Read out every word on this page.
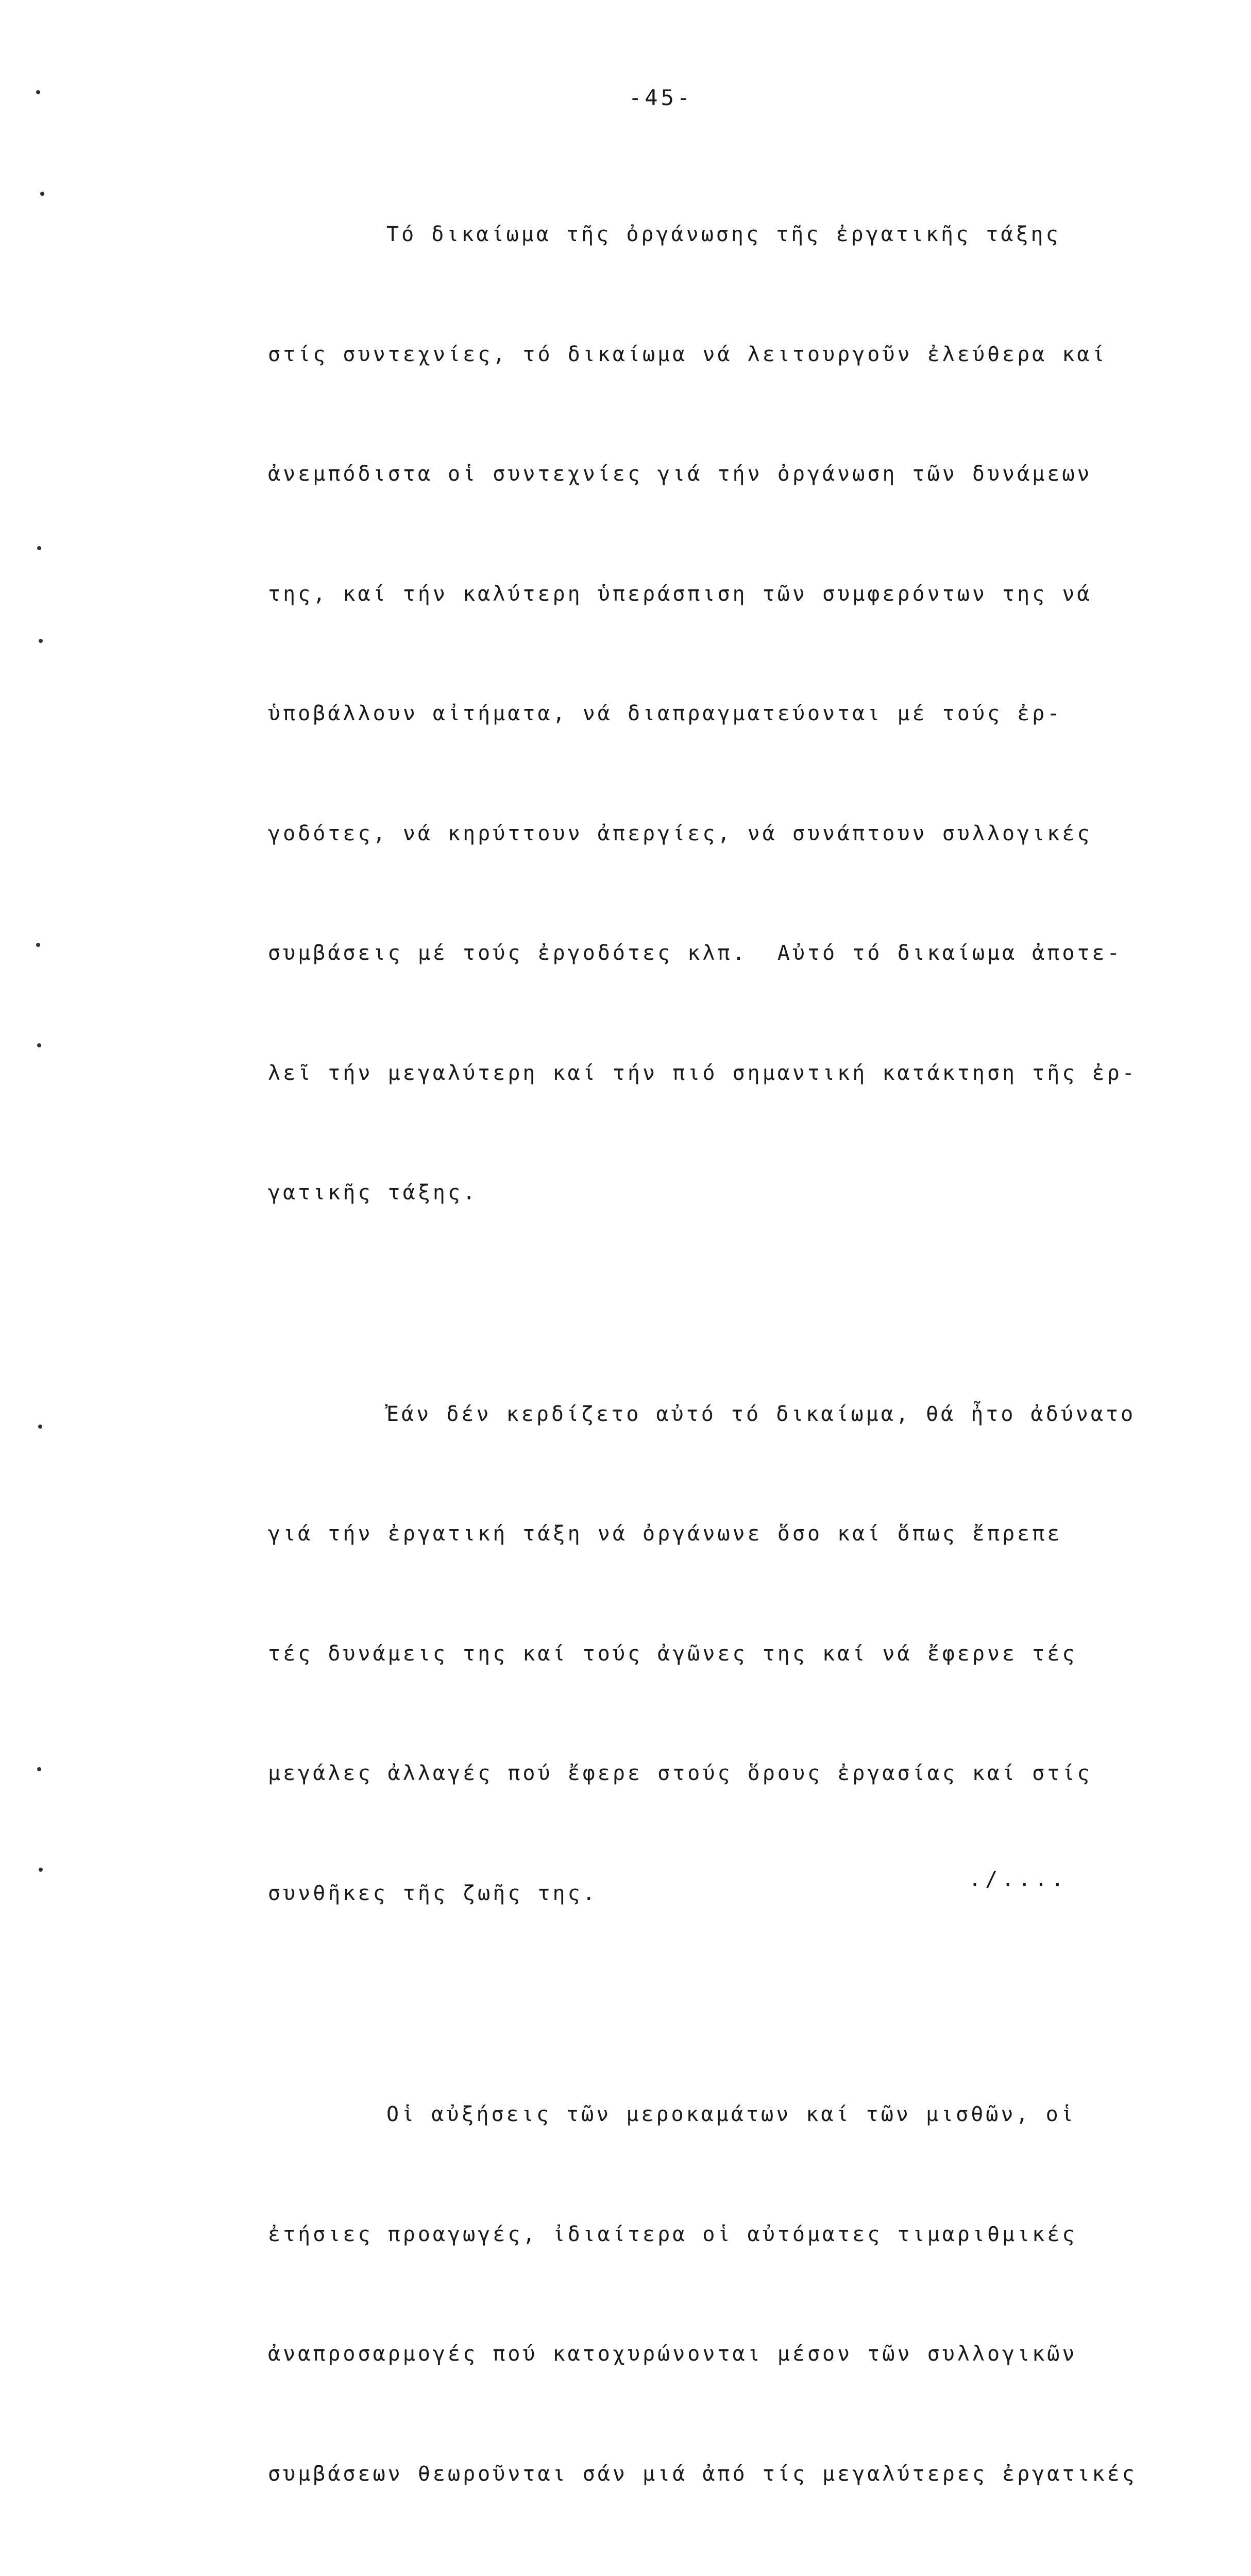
-45-

Τό δικαίωμα τῆς ὀργάνωσης τῆς ἐργατικῆς τάξης

στίς συντεχνίες, τό δικαίωμα νά λειτουργοῦν ἐλεύθερα καί

ἀνεμπόδιστα οἱ συντεχνίες γιά τήν ὀργάνωση τῶν δυνάμεων

της, καί τήν καλύτερη ὑπεράσπιση τῶν συμφερόντων της νά

ὑποβάλλουν αἰτήματα, νά διαπραγματεύονται μέ τούς ἐρ-

γοδότες, νά κηρύττουν ἀπεργίες, νά συνάπτουν συλλογικές

συμβάσεις μέ τούς ἐργοδότες κλπ.  Αὐτό τό δικαίωμα ἀποτε-

λεῖ τήν μεγαλύτερη καί τήν πιό σημαντική κατάκτηση τῆς ἐρ-

γατικῆς τάξης.

Ἐάν δέν κερδίζετο αὐτό τό δικαίωμα, θά ἦτο ἀδύνατο

γιά τήν ἐργατική τάξη νά ὀργάνωνε ὅσο καί ὅπως ἔπρεπε

τές δυνάμεις της καί τούς ἀγῶνες της καί νά ἔφερνε τές

μεγάλες ἀλλαγές πού ἔφερε στούς ὅρους ἐργασίας καί στίς

συνθῆκες τῆς ζωῆς της.

Οἱ αὐξήσεις τῶν μεροκαμάτων καί τῶν μισθῶν, οἱ

ἐτήσιες προαγωγές, ἰδιαίτερα οἱ αὐτόματες τιμαριθμικές

ἀναπροσαρμογές πού κατοχυρώνονται μέσον τῶν συλλογικῶν

συμβάσεων θεωροῦνται σάν μιά ἀπό τίς μεγαλύτερες ἐργατικές

./....
